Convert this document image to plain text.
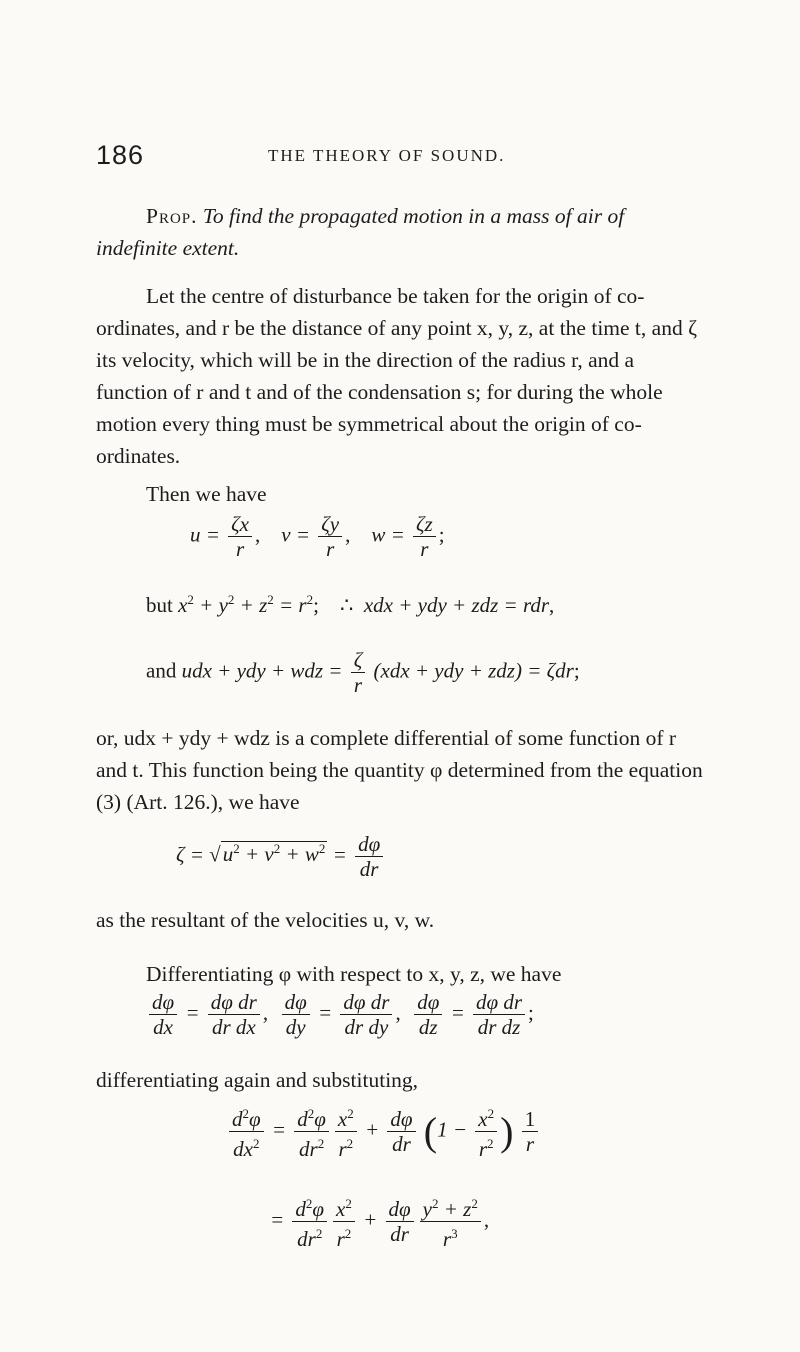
186	THE THEORY OF SOUND.

Prop. To find the propagated motion in a mass of air of indefinite extent.

Let the centre of disturbance be taken for the origin of co-ordinates, and r be the distance of any point x, y, z, at the time t, and ζ its velocity, which will be in the direction of the radius r, and a function of r and t and of the condensation s; for during the whole motion every thing must be symmetrical about the origin of co-ordinates.

Then we have

$u = \frac{\zeta x}{r}$ ,    $v = \frac{\zeta y}{r}$ ,    $w = \frac{\zeta z}{r}$ ;
but $x^2 + y^2 + z^2 = r^2$; ∴  xdx + ydy + zdz = rdr,
and udx + ydy + wdz = $\frac{\zeta}{r} (xdx$ + ydy + zdz) = ζdr;

or, udx + ydy + wdz is a complete differential of some function of r and t. This function being the quantity φ determined from the equation (3) (Art. 126.), we have

$\zeta = √u^2 + v^2 + w^2 = \frac{d\varphi}{dr}$

as the resultant of the velocities u, v, w.

Differentiating φ with respect to x, y, z, we have

$\frac{d\varphi}{dx} = \frac{\text{dφ dr}}{\text{dr dx}}$ , $\frac{d\varphi}{dy} = \frac{\text{dφ dr}}{\text{dr dy}}$ , $\frac{d\varphi}{dz} = \frac{\text{dφ dr}}{\text{dr dz}}$ ;

differentiating again and substituting,

$\frac{d^2\varphi}{dx^2} = \frac{d^2\varphi}{dr^2} \frac{x^2}{r^2} + \frac{d\varphi}{dr} (1 - \frac{x^2}{r^2}$ ) $\frac{1}{r}$
= $\frac{d^2\varphi}{dr^2} \frac{x^2}{r^2} + \frac{d\varphi}{dr} \frac{y^2 + z^2}{r^3}$ ,
